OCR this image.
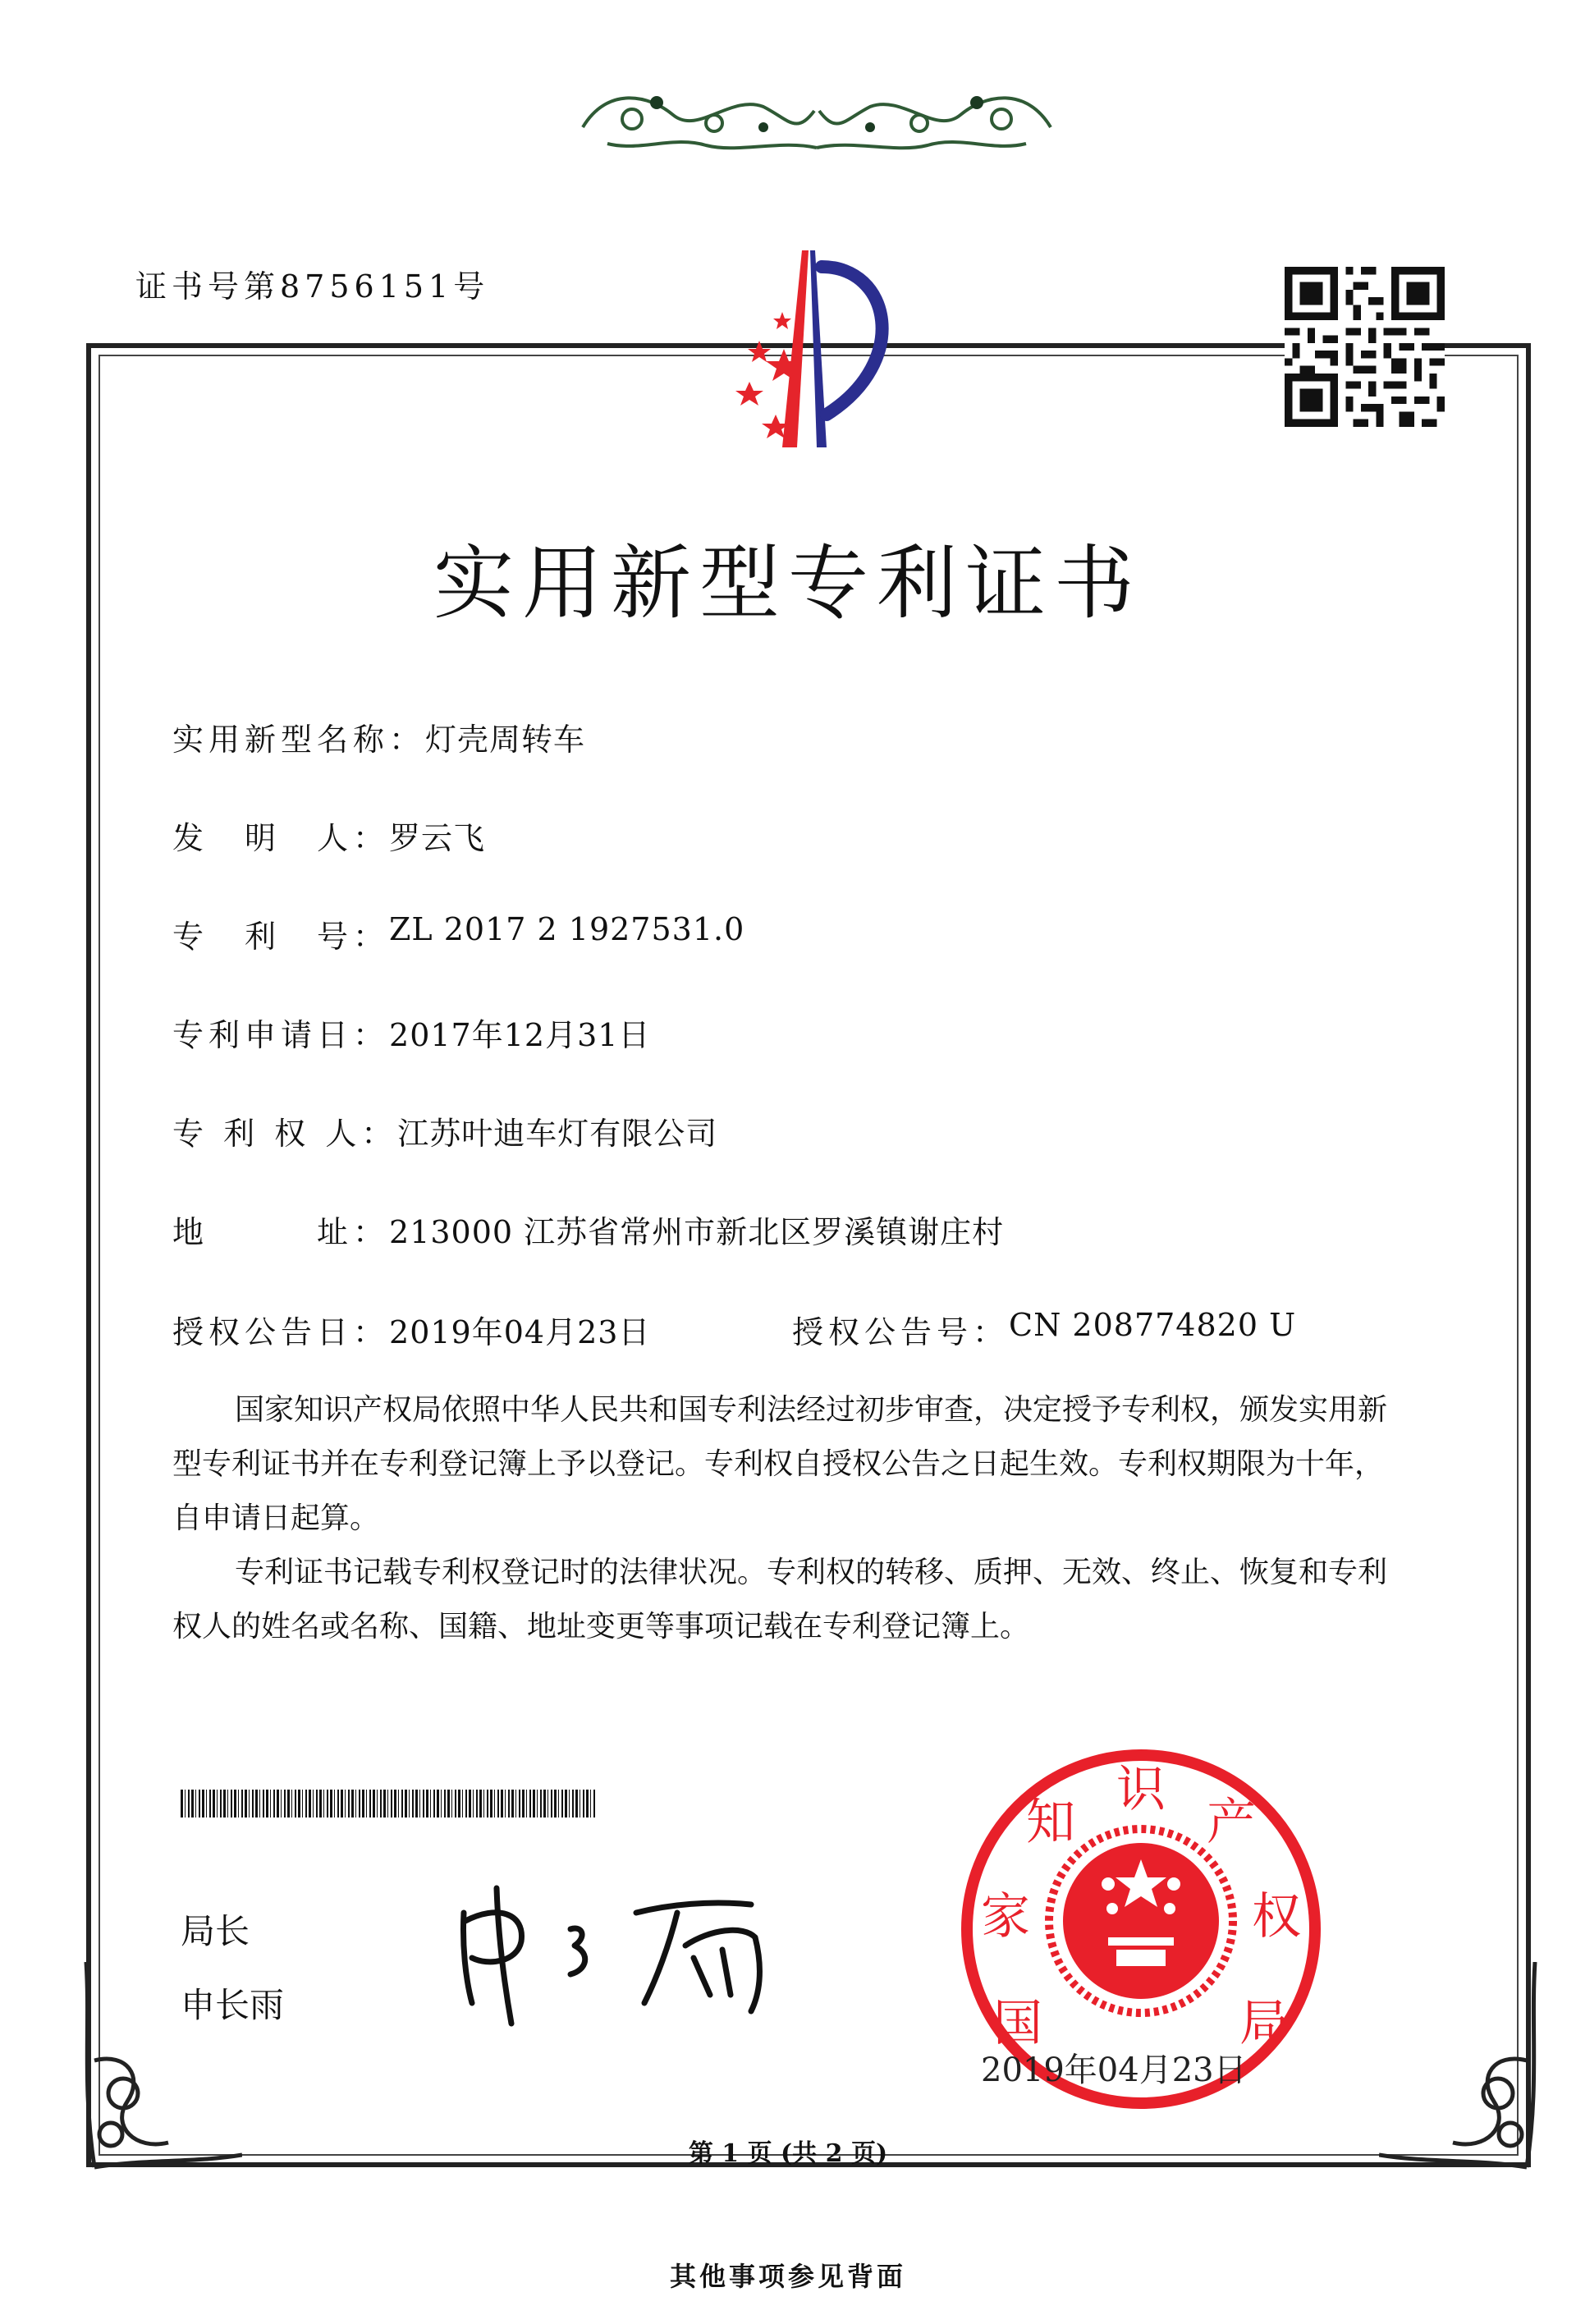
证书号第8756151号
实用新型专利证书
实用新型名称： 灯壳周转车
发　明　人： 罗云飞
专　利　号： ZL 2017 2 1927531.0
专利申请日： 2017年12月31日
专 利 权 人： 江苏叶迪车灯有限公司
地　　　址： 213000 江苏省常州市新北区罗溪镇谢庄村
授权公告日： 2019年04月23日	授权公告号： CN 208774820 U

国家知识产权局依照中华人民共和国专利法经过初步审查，决定授予专利权，颁发实用新型专利证书并在专利登记簿上予以登记。专利权自授权公告之日起生效。专利权期限为十年，自申请日起算。

专利证书记载专利权登记时的法律状况。专利权的转移、质押、无效、终止、恢复和专利权人的姓名或名称、国籍、地址变更等事项记载在专利登记簿上。

局长
申长雨	国
家
知
识
产
权
局
2019年04月23日
第 1 页 (共 2 页)
其他事项参见背面
